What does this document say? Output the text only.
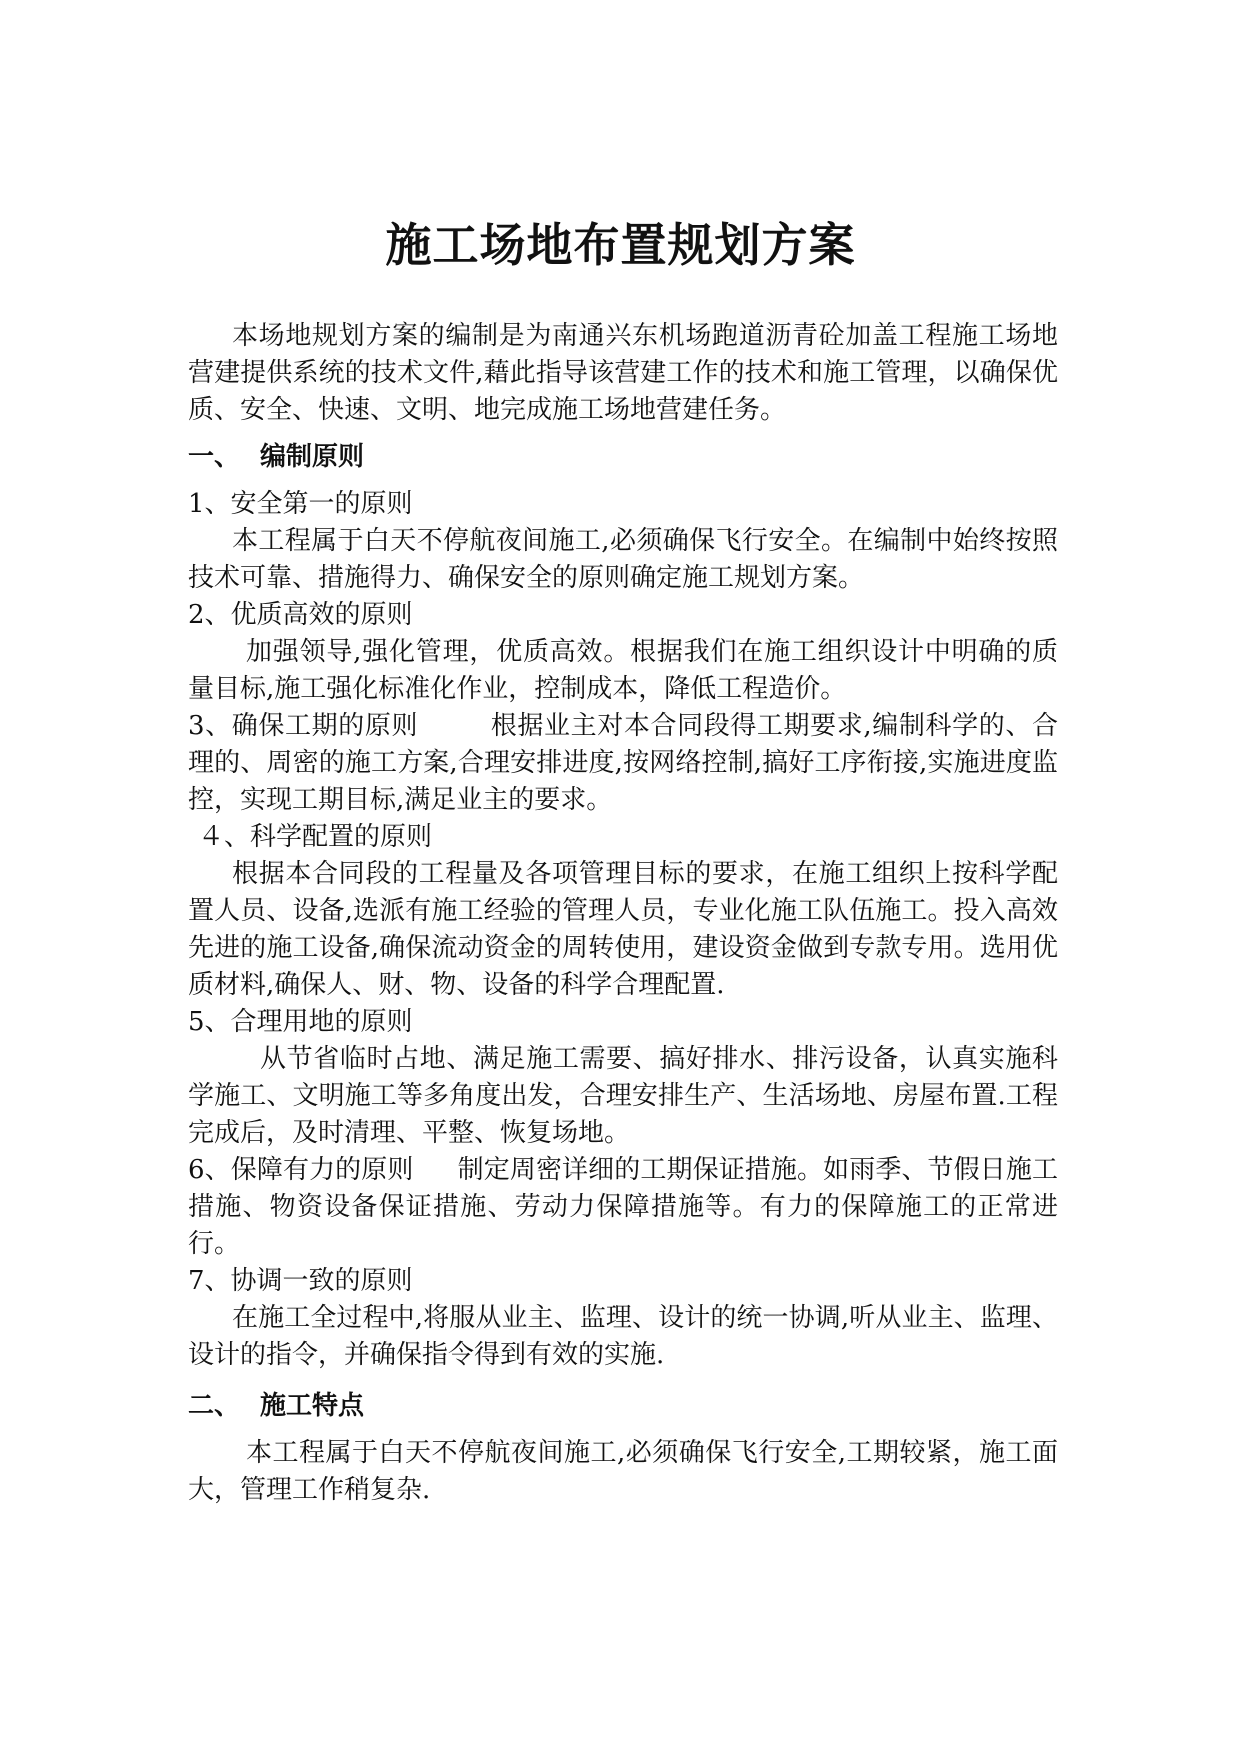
施工场地布置规划方案

本场地规划方案的编制是为南通兴东机场跑道沥青砼加盖工程施工场地营建提供系统的技术文件,藉此指导该营建工作的技术和施工管理，以确保优质、安全、快速、文明、地完成施工场地营建任务。

一、 编制原则

1、安全第一的原则

本工程属于白天不停航夜间施工,必须确保飞行安全。在编制中始终按照技术可靠、措施得力、确保安全的原则确定施工规划方案。

2、优质高效的原则

加强领导,强化管理，优质高效。根据我们在施工组织设计中明确的质量目标,施工强化标准化作业，控制成本，降低工程造价。

3、确保工期的原则	根据业主对本合同段得工期要求,编制科学的、合理的、周密的施工方案,合理安排进度,按网络控制,搞好工序衔接,实施进度监控，实现工期目标,满足业主的要求。

４、科学配置的原则

根据本合同段的工程量及各项管理目标的要求，在施工组织上按科学配置人员、设备,选派有施工经验的管理人员，专业化施工队伍施工。投入高效先进的施工设备,确保流动资金的周转使用，建设资金做到专款专用。选用优质材料,确保人、财、物、设备的科学合理配置.

5、合理用地的原则

从节省临时占地、满足施工需要、搞好排水、排污设备，认真实施科学施工、文明施工等多角度出发，合理安排生产、生活场地、房屋布置.工程完成后，及时清理、平整、恢复场地。

6、保障有力的原则 制定周密详细的工期保证措施。如雨季、节假日施工措施、物资设备保证措施、劳动力保障措施等。有力的保障施工的正常进行。

7、协调一致的原则

在施工全过程中,将服从业主、监理、设计的统一协调,听从业主、监理、设计的指令，并确保指令得到有效的实施.

二、 施工特点

本工程属于白天不停航夜间施工,必须确保飞行安全,工期较紧，施工面大，管理工作稍复杂.
